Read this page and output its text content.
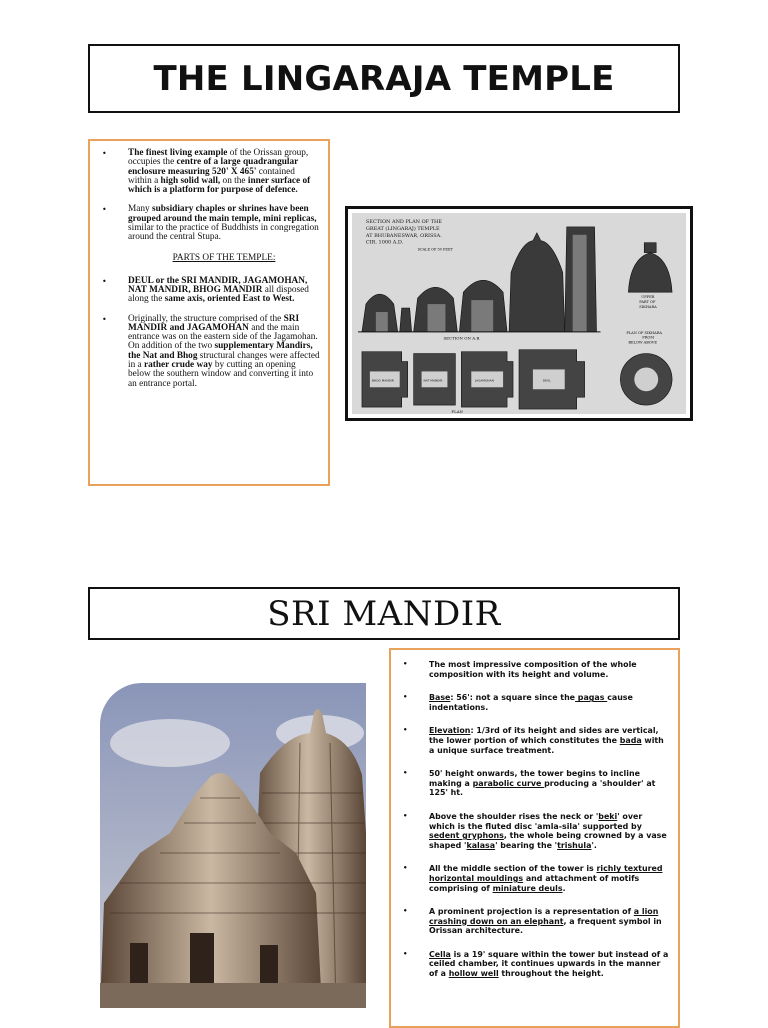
THE LINGARAJA TEMPLE
• The finest living example of the Orissan group, occupies the centre of a large quadrangular enclosure measuring 520' X 465' contained within a high solid wall, on the inner surface of which is a platform for purpose of defence.
• Many subsidiary chaples or shrines have been grouped around the main temple, mini replicas, similar to the practice of Buddhists in congregation around the central Stupa.
PARTS OF THE TEMPLE:
• DEUL or the SRI MANDIR, JAGAMOHAN, NAT MANDIR, BHOG MANDIR all disposed along the same axis, oriented East to West.
• Originally, the structure comprised of the SRI MANDIR and JAGAMOHAN and the main entrance was on the eastern side of the Jagamohan. On addition of the two supplementary Mandirs, the Nat and Bhog structural changes were affected in a rather crude way by cutting an opening below the southern window and converting it into an entrance portal.
SECTION AND PLAN OF THE
GREAT (LINGARAJ) TEMPLE
AT BHUBANESWAR, ORISSA.
CIR. 1000 A.D.
SCALE OF 50 FEET
SECTION ON A.B.
UPPER
PART OF
SIKHARA
PLAN OF SIKHARA
FROM
BELOW ABOVE
BHOG MANDIR	NAT MANDIR	JAGAMOHAN	DEUL
PLAN
SRI MANDIR
• The most impressive composition of the whole composition with its height and volume.
• Base: 56': not a square since the pagas cause indentations.
• Elevation: 1/3rd of its height and sides are vertical, the lower portion of which constitutes the bada with a unique surface treatment.
• 50' height onwards, the tower begins to incline making a parabolic curve producing a 'shoulder' at 125' ht.
• Above the shoulder rises the neck or 'beki' over which is the fluted disc 'amla-sila' supported by sedent gryphons, the whole being crowned by a vase shaped 'kalasa' bearing the 'trishula'.
• All the middle section of the tower is richly textured horizontal mouldings and attachment of motifs comprising of miniature deuls.
• A prominent projection is a representation of a lion crashing down on an elephant, a frequent symbol in Orissan architecture.
• Cella is a 19' square within the tower but instead of a ceiled chamber, it continues upwards in the manner of a hollow well throughout the height.
